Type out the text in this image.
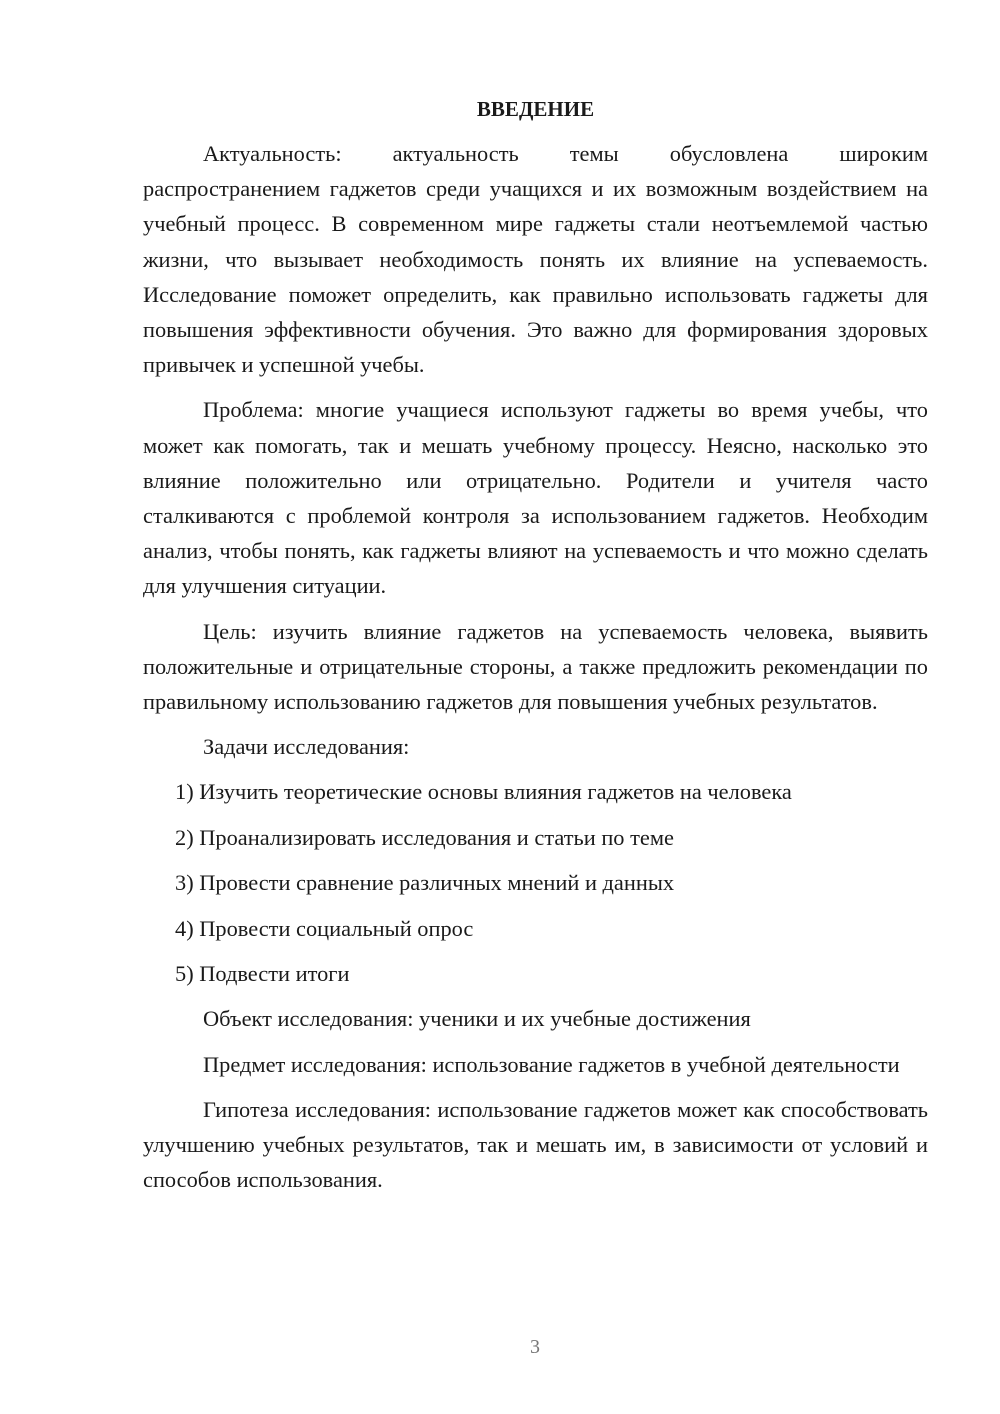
ВВЕДЕНИЕ

Актуальность: актуальность темы обусловлена широким распространением гаджетов среди учащихся и их возможным воздействием на учебный процесс. В современном мире гаджеты стали неотъемлемой частью жизни, что вызывает необходимость понять их влияние на успеваемость. Исследование поможет определить, как правильно использовать гаджеты для повышения эффективности обучения. Это важно для формирования здоровых привычек и успешной учебы.

Проблема: многие учащиеся используют гаджеты во время учебы, что может как помогать, так и мешать учебному процессу. Неясно, насколько это влияние положительно или отрицательно. Родители и учителя часто сталкиваются с проблемой контроля за использованием гаджетов. Необходим анализ, чтобы понять, как гаджеты влияют на успеваемость и что можно сделать для улучшения ситуации.

Цель: изучить влияние гаджетов на успеваемость человека, выявить положительные и отрицательные стороны, а также предложить рекомендации по правильному использованию гаджетов для повышения учебных результатов.

Задачи исследования:

1) Изучить теоретические основы влияния гаджетов на человека
2) Проанализировать исследования и статьи по теме
3) Провести сравнение различных мнений и данных
4) Провести социальный опрос
5) Подвести итоги

Объект исследования: ученики и их учебные достижения

Предмет исследования: использование гаджетов в учебной деятельности

Гипотеза исследования: использование гаджетов может как способствовать улучшению учебных результатов, так и мешать им, в зависимости от условий и способов использования.

3
